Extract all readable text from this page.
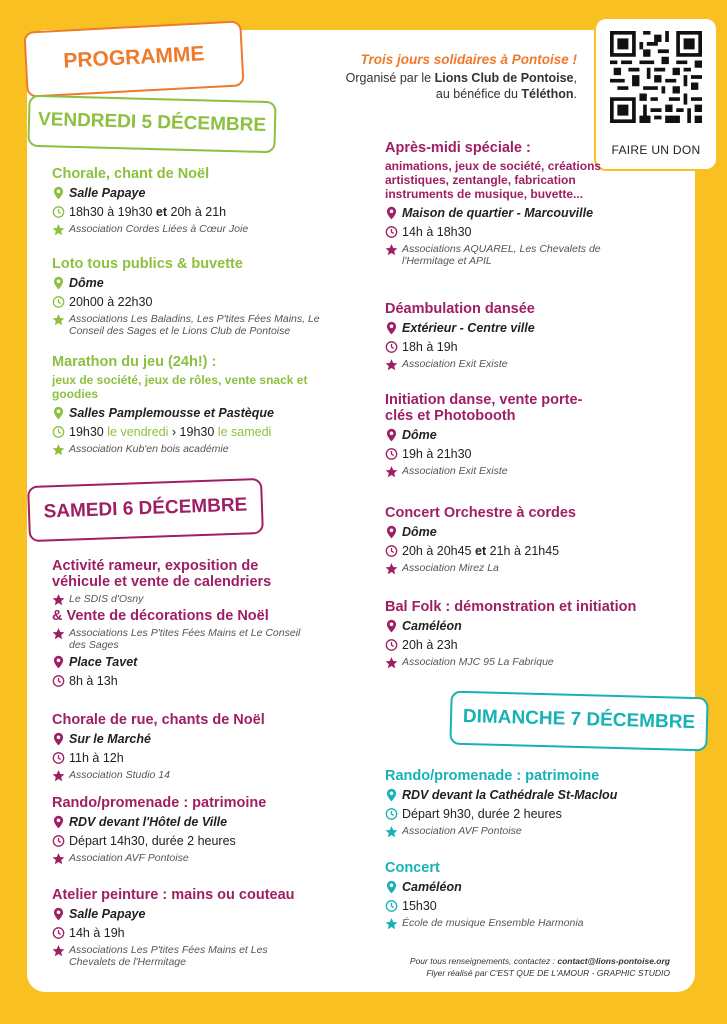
PROGRAMME	Trois jours solidaires à Pontoise !
Organisé par le Lions Club de Pontoise,
au bénéfice du Téléthon.
FAIRE UN DON
VENDREDI 5 DÉCEMBRE
Chorale, chant de Noël
Salle Papaye
18h30 à 19h30 et 20h à 21h
Association Cordes Liées à Cœur Joie
Loto tous publics & buvette
Dôme
20h00 à 22h30
Associations Les Baladins, Les P'tites Fées Mains, Le Conseil des Sages et le Lions Club de Pontoise
Marathon du jeu (24h!) :
jeux de société, jeux de rôles, vente snack et goodies
Salles Pamplemousse et Pastèque
19h30 le vendredi › 19h30 le samedi
Association Kub'en bois académie
Après-midi spéciale :
animations, jeux de société, créations artistiques, zentangle, fabrication instruments de musique, buvette...
Maison de quartier - Marcouville
14h à 18h30
Associations AQUAREL, Les Chevalets de l'Hermitage et APIL
Déambulation dansée
Extérieur - Centre ville
18h à 19h
Association Exit Existe
Initiation danse, vente porte-clés et Photobooth
Dôme
19h à 21h30
Association Exit Existe
Concert Orchestre à cordes
Dôme
20h à 20h45 et 21h à 21h45
Association Mirez La
Bal Folk : démonstration et initiation
Caméléon
20h à 23h
Association MJC 95 La Fabrique
SAMEDI 6 DÉCEMBRE
Activité rameur, exposition de véhicule et vente de calendriers
Le SDIS d'Osny
& Vente de décorations de Noël
Associations Les P'tites Fées Mains et Le Conseil des Sages
Place Tavet
8h à 13h
Chorale de rue, chants de Noël
Sur le Marché
11h à 12h
Association Studio 14
Rando/promenade : patrimoine
RDV devant l'Hôtel de Ville
Départ 14h30, durée 2 heures
Association AVF Pontoise
Atelier peinture : mains ou couteau
Salle Papaye
14h à 19h
Associations Les P'tites Fées Mains et Les Chevalets de l'Hermitage
DIMANCHE 7 DÉCEMBRE
Rando/promenade : patrimoine
RDV devant la Cathédrale St-Maclou
Départ 9h30, durée 2 heures
Association AVF Pontoise
Concert
Caméléon
15h30
École de musique Ensemble Harmonia
Pour tous renseignements, contactez : contact@lions-pontoise.org
Flyer réalisé par C'EST QUE DE L'AMOUR - GRAPHIC STUDIO
